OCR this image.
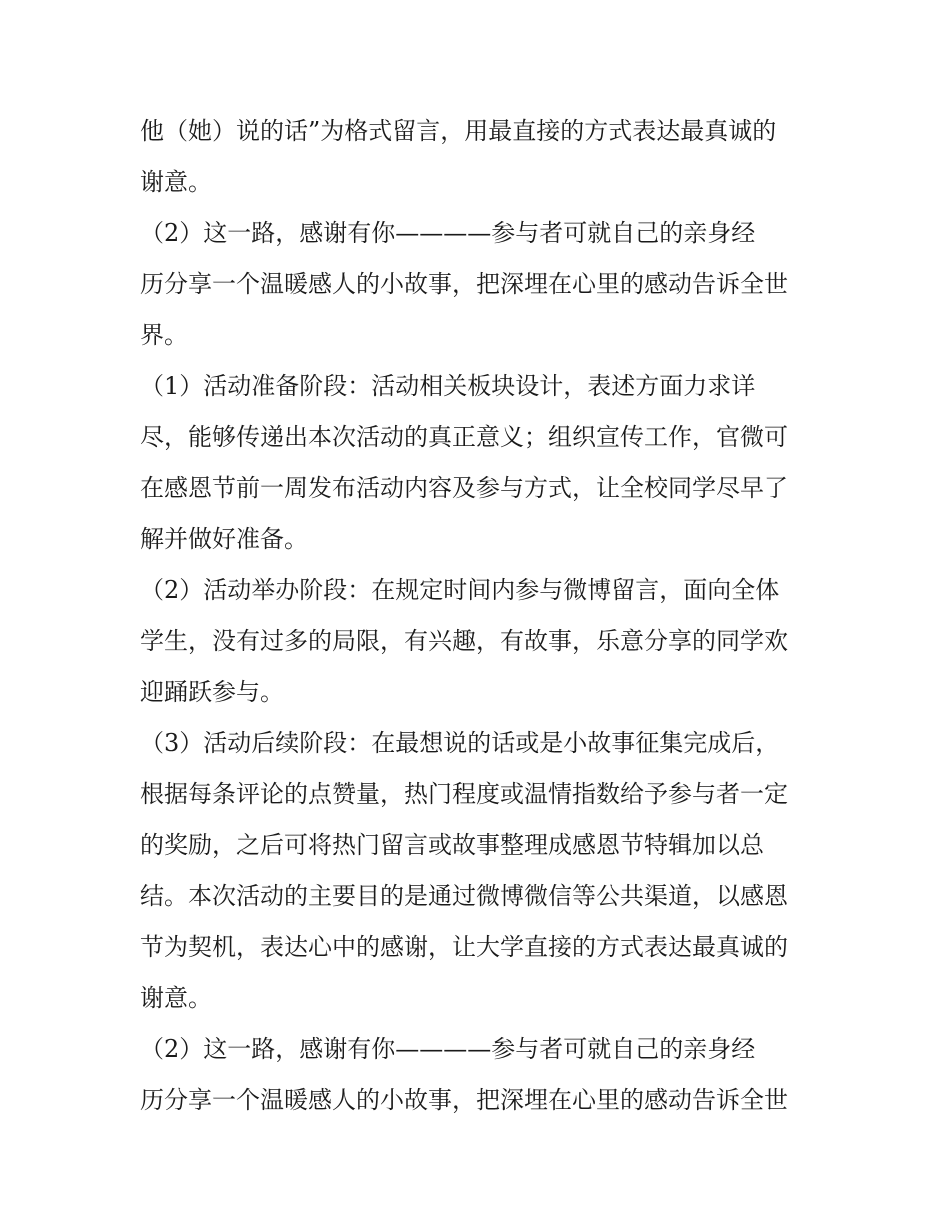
他（她）说的话”为格式留言，用最直接的方式表达最真诚的
谢意。
（2）这一路，感谢有你————参与者可就自己的亲身经
历分享一个温暖感人的小故事，把深埋在心里的感动告诉全世
界。
（1）活动准备阶段：活动相关板块设计，表述方面力求详
尽，能够传递出本次活动的真正意义；组织宣传工作，官微可
在感恩节前一周发布活动内容及参与方式，让全校同学尽早了
解并做好准备。
（2）活动举办阶段：在规定时间内参与微博留言，面向全体
学生，没有过多的局限，有兴趣，有故事，乐意分享的同学欢
迎踊跃参与。
（3）活动后续阶段：在最想说的话或是小故事征集完成后，
根据每条评论的点赞量，热门程度或温情指数给予参与者一定
的奖励，之后可将热门留言或故事整理成感恩节特辑加以总
结。本次活动的主要目的是通过微博微信等公共渠道，以感恩
节为契机，表达心中的感谢，让大学直接的方式表达最真诚的
谢意。
（2）这一路，感谢有你————参与者可就自己的亲身经
历分享一个温暖感人的小故事，把深埋在心里的感动告诉全世
